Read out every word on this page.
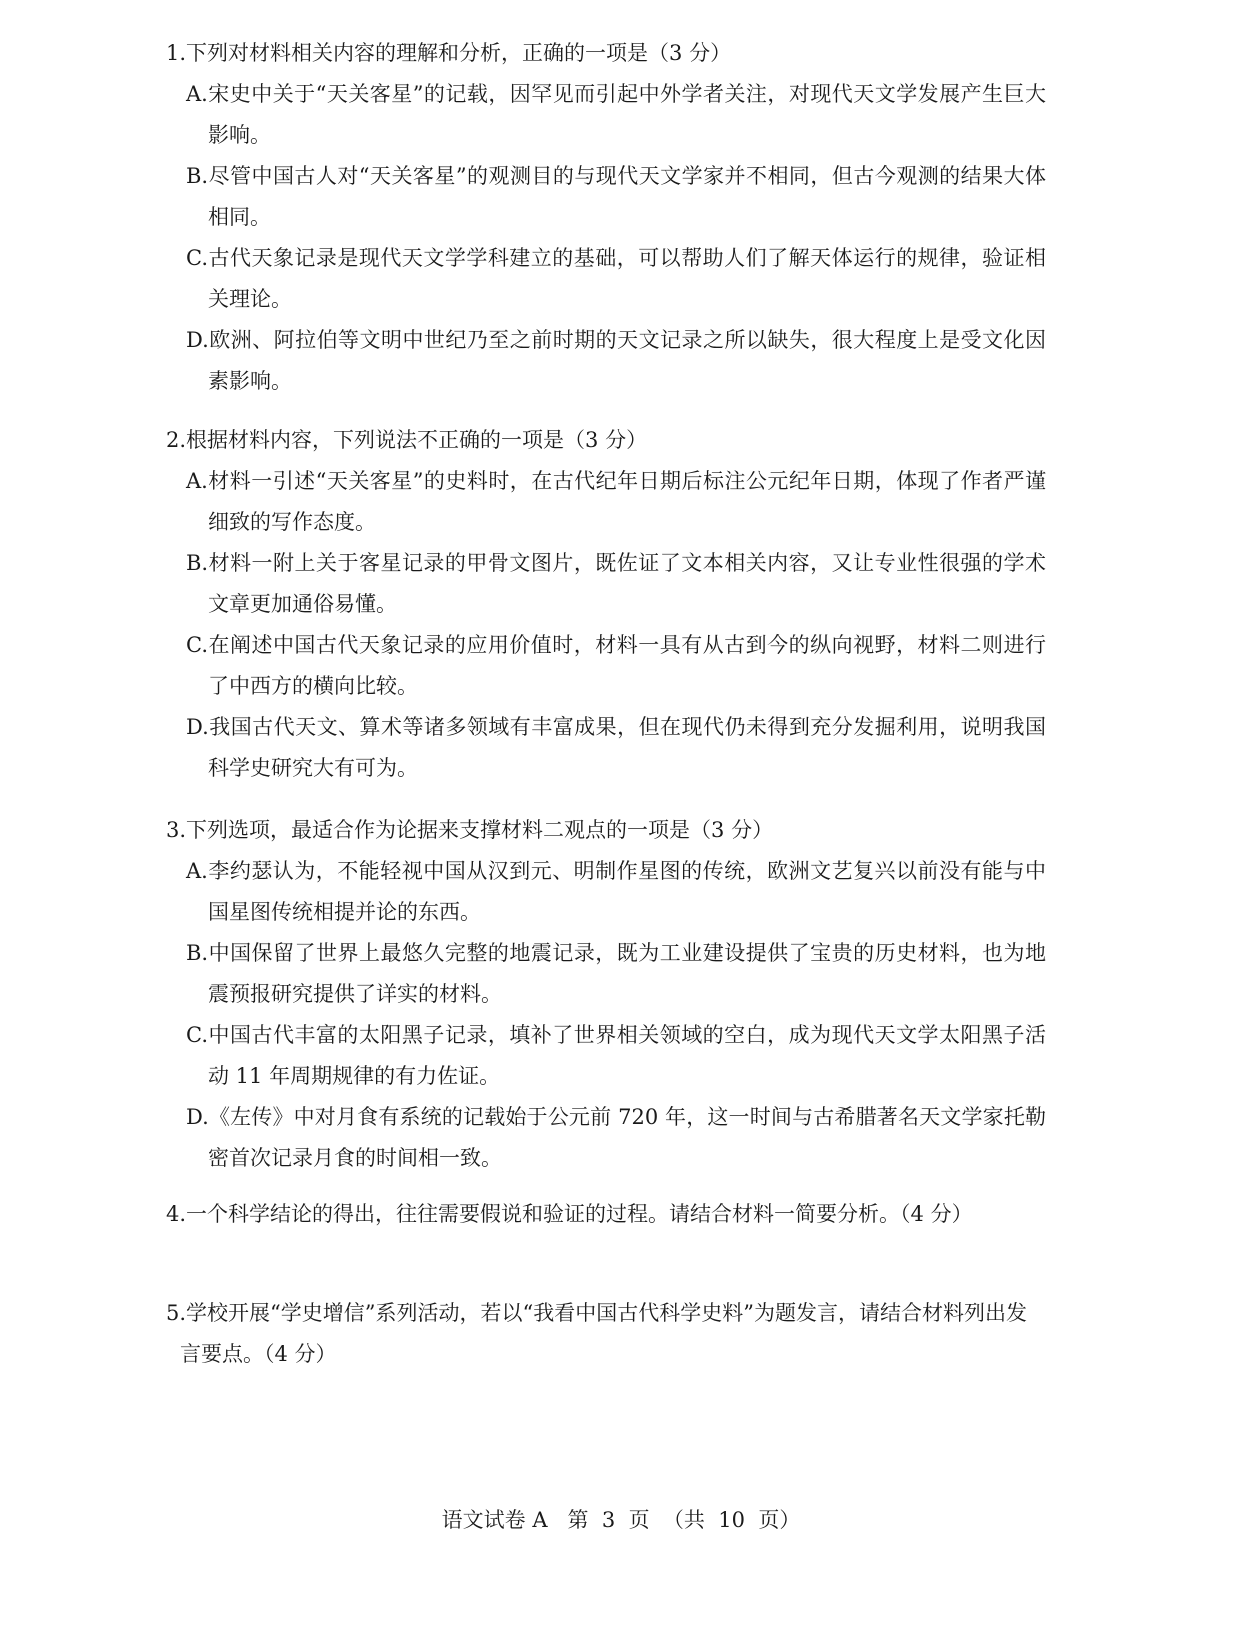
1.下列对材料相关内容的理解和分析，正确的一项是（3 分）
A.宋史中关于“天关客星”的记载，因罕见而引起中外学者关注，对现代天文学发展产生巨大影响。
B.尽管中国古人对“天关客星”的观测目的与现代天文学家并不相同，但古今观测的结果大体相同。
C.古代天象记录是现代天文学学科建立的基础，可以帮助人们了解天体运行的规律，验证相关理论。
D.欧洲、阿拉伯等文明中世纪乃至之前时期的天文记录之所以缺失，很大程度上是受文化因素影响。
2.根据材料内容，下列说法不正确的一项是（3 分）
A.材料一引述“天关客星”的史料时，在古代纪年日期后标注公元纪年日期，体现了作者严谨细致的写作态度。
B.材料一附上关于客星记录的甲骨文图片，既佐证了文本相关内容，又让专业性很强的学术文章更加通俗易懂。
C.在阐述中国古代天象记录的应用价值时，材料一具有从古到今的纵向视野，材料二则进行了中西方的横向比较。
D.我国古代天文、算术等诸多领域有丰富成果，但在现代仍未得到充分发掘利用，说明我国科学史研究大有可为。
3.下列选项，最适合作为论据来支撑材料二观点的一项是（3 分）
A.李约瑟认为，不能轻视中国从汉到元、明制作星图的传统，欧洲文艺复兴以前没有能与中国星图传统相提并论的东西。
B.中国保留了世界上最悠久完整的地震记录，既为工业建设提供了宝贵的历史材料，也为地震预报研究提供了详实的材料。
C.中国古代丰富的太阳黑子记录，填补了世界相关领域的空白，成为现代天文学太阳黑子活动 11 年周期规律的有力佐证。
D.《左传》中对月食有系统的记载始于公元前 720 年，这一时间与古希腊著名天文学家托勒密首次记录月食的时间相一致。
4.一个科学结论的得出，往往需要假说和验证的过程。请结合材料一简要分析。（4 分）
5.学校开展“学史增信”系列活动，若以“我看中国古代科学史料”为题发言，请结合材料列出发言要点。（4 分）
语文试卷 A   第  3  页  （共  10  页）
